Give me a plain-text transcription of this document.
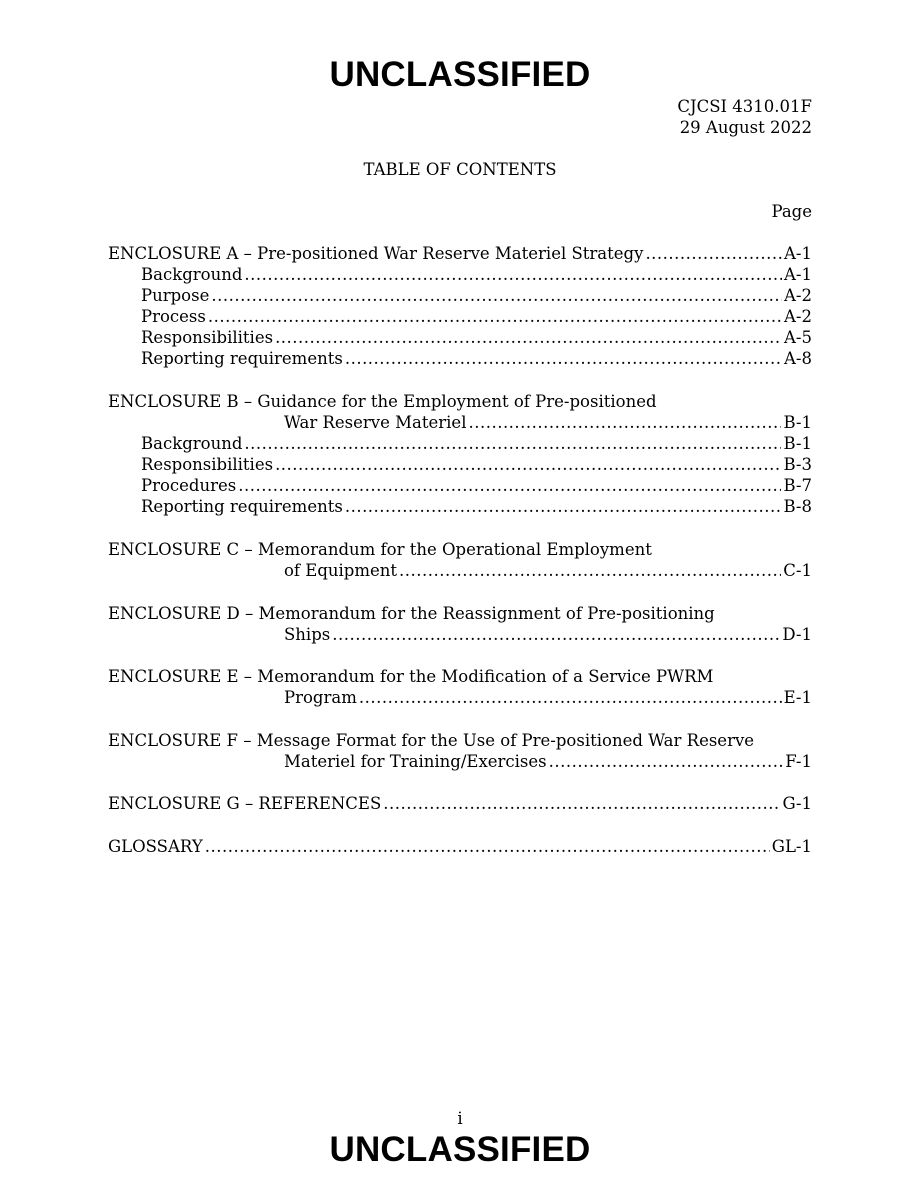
UNCLASSIFIED
CJCSI 4310.01F
29 August 2022
TABLE OF CONTENTS
Page
ENCLOSURE A – Pre-positioned War Reserve Materiel Strategy .....	A-1
Background .....	A-1
Purpose .....	A-2
Process .....	A-2
Responsibilities .....	A-5
Reporting requirements .....	A-8
ENCLOSURE B – Guidance for the Employment of Pre-positioned
War Reserve Materiel .....	B-1
Background .....	B-1
Responsibilities .....	B-3
Procedures .....	B-7
Reporting requirements .....	B-8
ENCLOSURE C – Memorandum for the Operational Employment
of Equipment .....	C-1
ENCLOSURE D – Memorandum for the Reassignment of Pre-positioning
Ships .....	D-1
ENCLOSURE E – Memorandum for the Modification of a Service PWRM
Program .....	E-1
ENCLOSURE F – Message Format for the Use of Pre-positioned War Reserve
Materiel for Training/Exercises .....	F-1
ENCLOSURE G – REFERENCES .....	G-1
GLOSSARY .....	GL-1
i
UNCLASSIFIED
